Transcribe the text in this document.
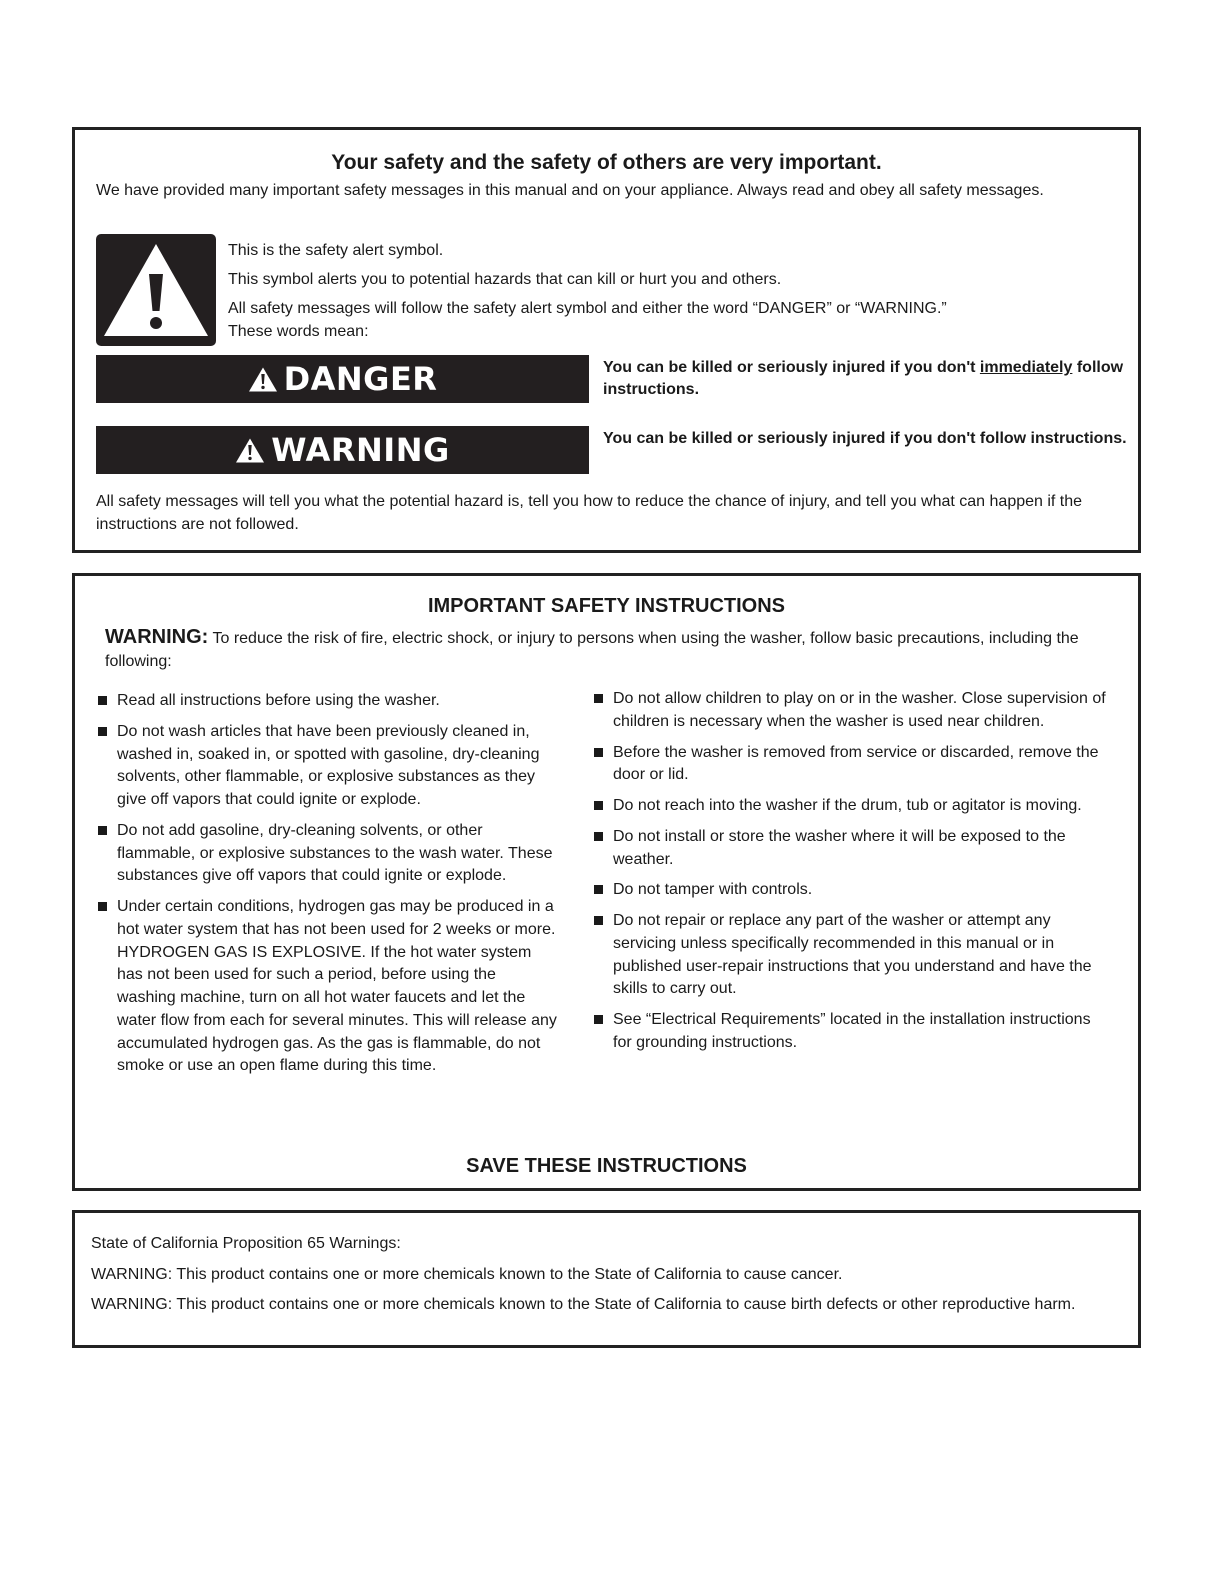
Your safety and the safety of others are very important.

We have provided many important safety messages in this manual and on your appliance. Always read and obey all safety messages.

This is the safety alert symbol.

This symbol alerts you to potential hazards that can kill or hurt you and others.

All safety messages will follow the safety alert symbol and either the word “DANGER” or “WARNING.”

These words mean:

DANGER	You can be killed or seriously injured if you don't immediately follow instructions.

WARNING	You can be killed or seriously injured if you don't follow instructions.

All safety messages will tell you what the potential hazard is, tell you how to reduce the chance of injury, and tell you what can happen if the instructions are not followed.

IMPORTANT SAFETY INSTRUCTIONS

WARNING: To reduce the risk of fire, electric shock, or injury to persons when using the washer, follow basic precautions, including the following:

Read all instructions before using the washer.
Do not wash articles that have been previously cleaned in, washed in, soaked in, or spotted with gasoline, dry-cleaning solvents, other flammable, or explosive substances as they give off vapors that could ignite or explode.
Do not add gasoline, dry-cleaning solvents, or other flammable, or explosive substances to the wash water. These substances give off vapors that could ignite or explode.
Under certain conditions, hydrogen gas may be produced in a hot water system that has not been used for 2 weeks or more. HYDROGEN GAS IS EXPLOSIVE. If the hot water system has not been used for such a period, before using the washing machine, turn on all hot water faucets and let the water flow from each for several minutes. This will release any accumulated hydrogen gas. As the gas is flammable, do not smoke or use an open flame during this time.
Do not allow children to play on or in the washer. Close supervision of children is necessary when the washer is used near children.
Before the washer is removed from service or discarded, remove the door or lid.
Do not reach into the washer if the drum, tub or agitator is moving.
Do not install or store the washer where it will be exposed to the weather.
Do not tamper with controls.
Do not repair or replace any part of the washer or attempt any servicing unless specifically recommended in this manual or in published user-repair instructions that you understand and have the skills to carry out.
See “Electrical Requirements” located in the installation instructions for grounding instructions.

SAVE THESE INSTRUCTIONS

State of California Proposition 65 Warnings:

WARNING: This product contains one or more chemicals known to the State of California to cause cancer.

WARNING: This product contains one or more chemicals known to the State of California to cause birth defects or other reproductive harm.
